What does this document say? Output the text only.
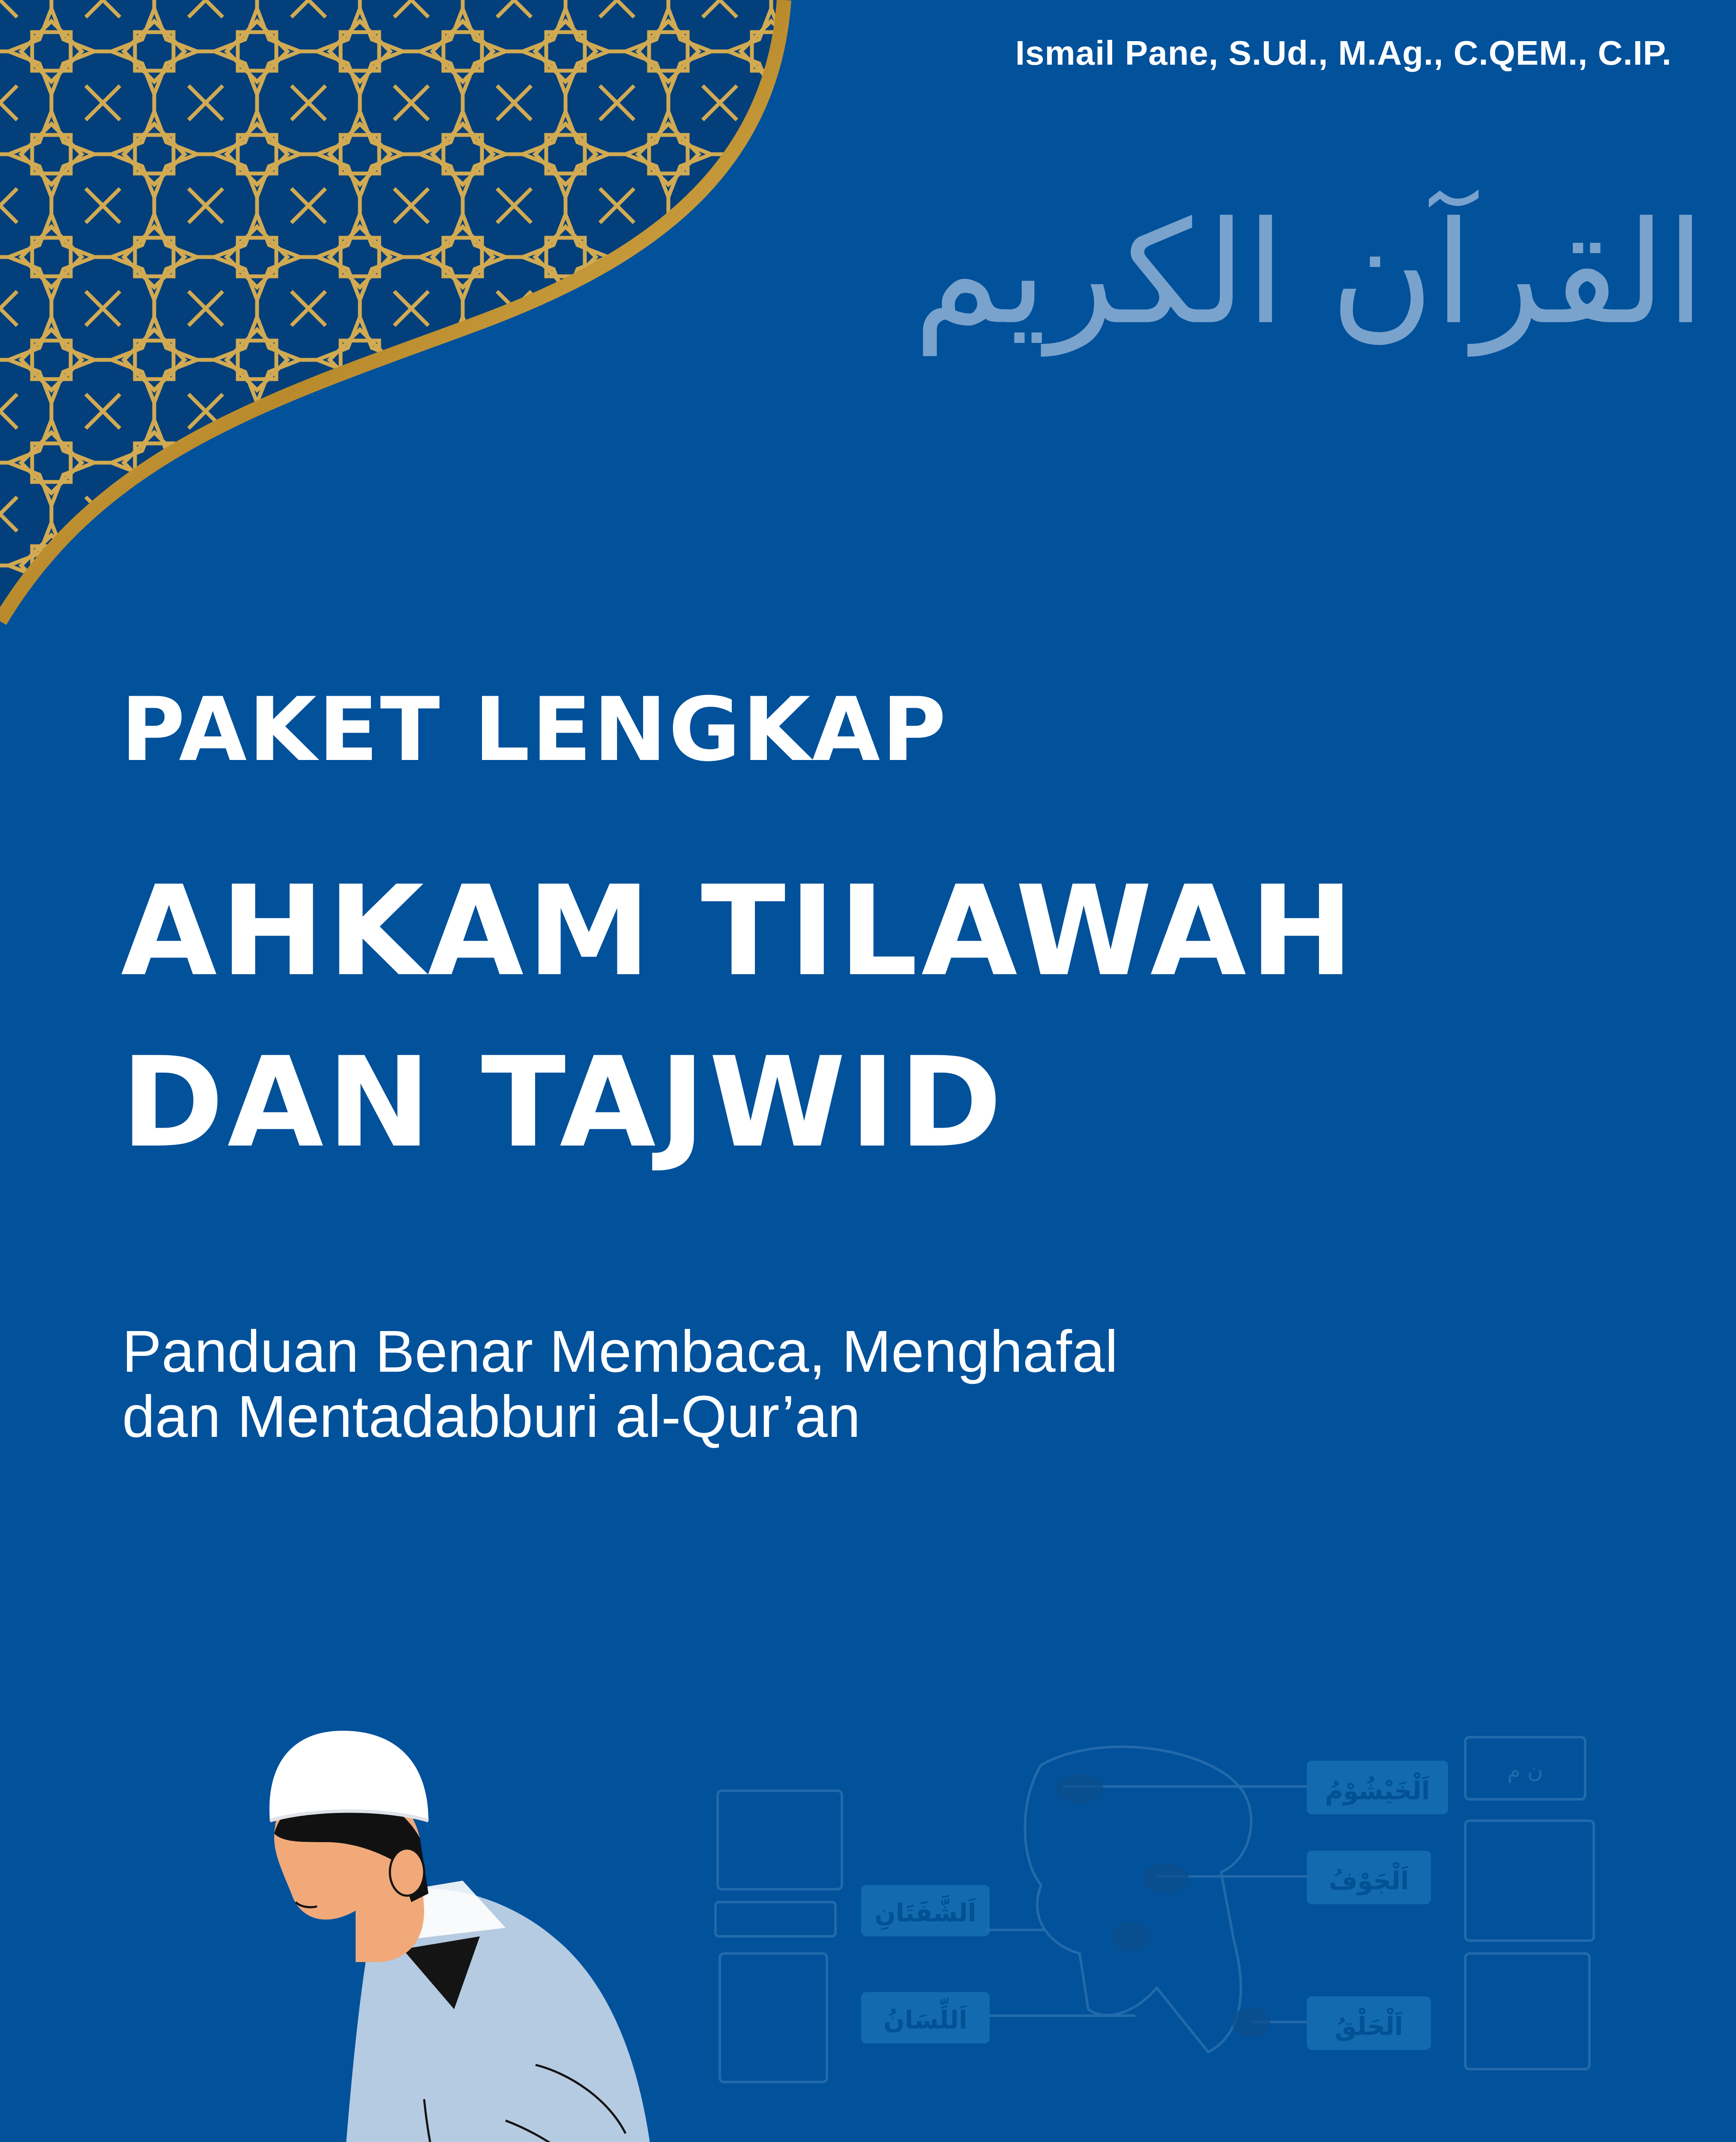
Ismail Pane, S.Ud., M.Ag., C.QEM., C.IP.
القرآن الكريم
PAKET LENGKAP
AHKAM TILAWAH
DAN TAJWID
Panduan Benar Membaca, Menghafal
dan Mentadabburi al-Qur’an
اَلْخَيْشُوْمُ
اَلْجَوْفُ
اَلْحَلْقُ
اَلشَّفَتَانِ
اَللِّسَانُ
ن م
